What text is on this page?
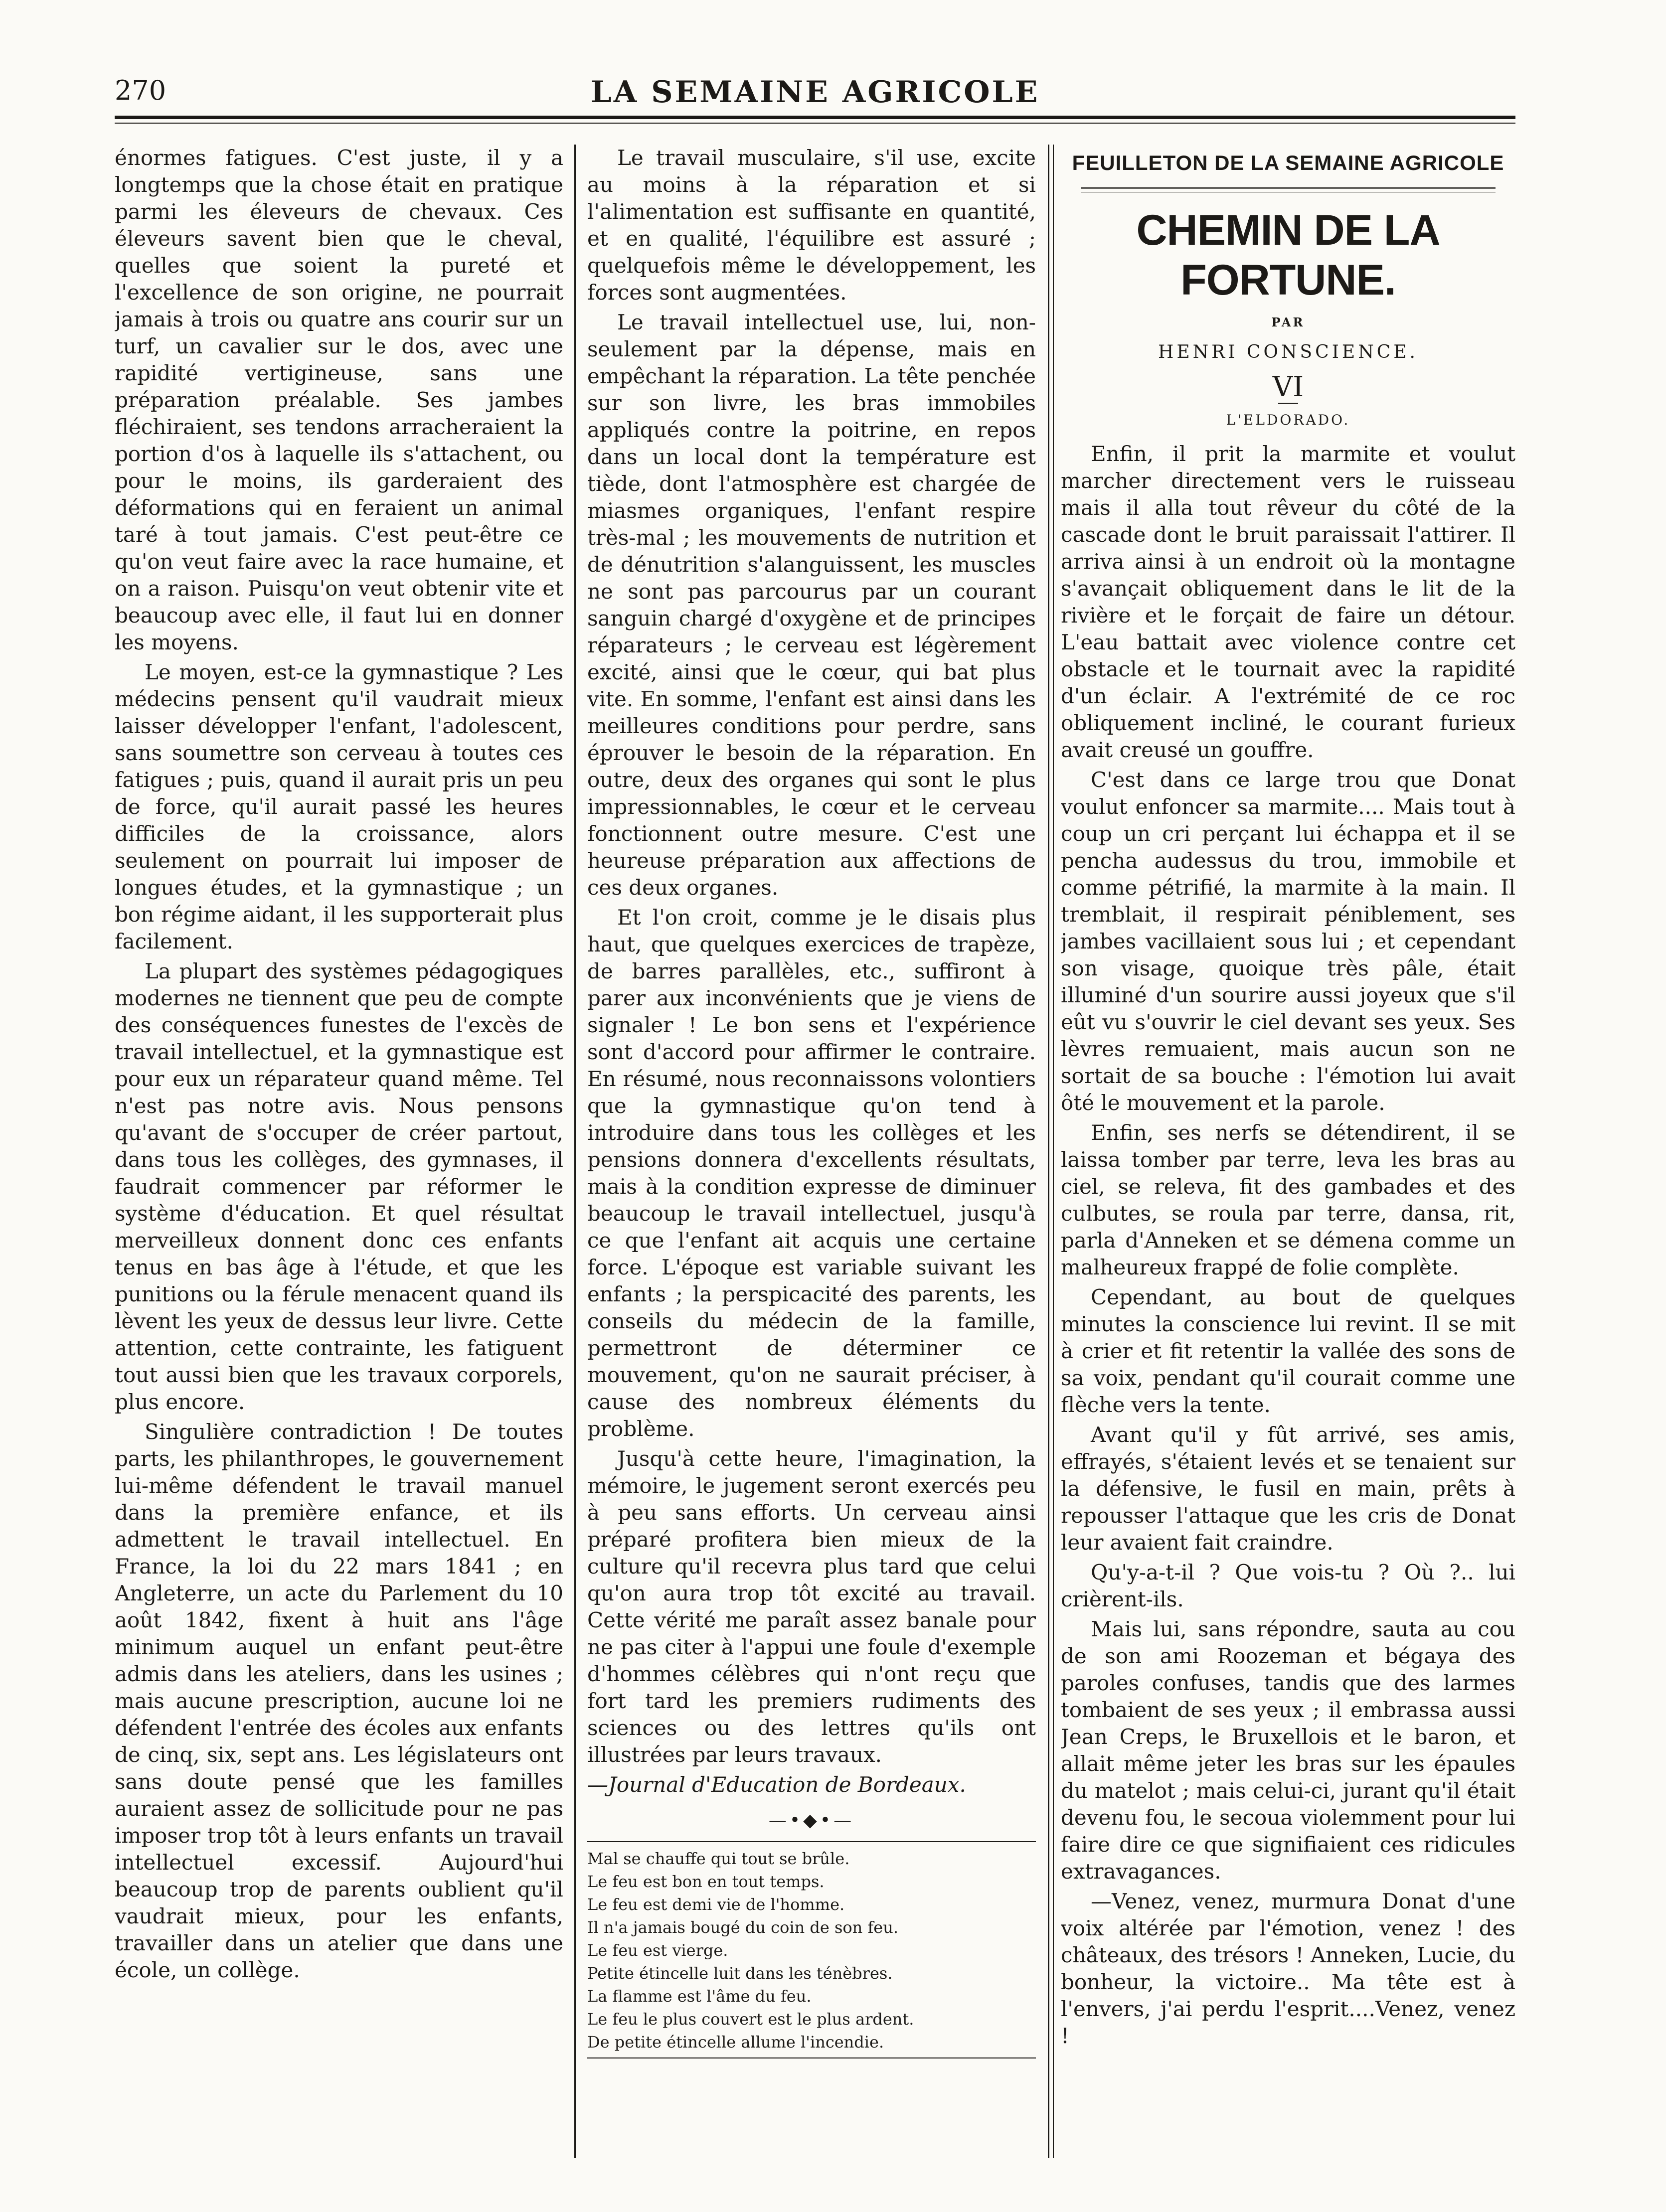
270	LA SEMAINE AGRICOLE

énormes fatigues. C'est juste, il y a longtemps que la chose était en pratique parmi les éleveurs de chevaux. Ces éleveurs savent bien que le cheval, quelles que soient la pureté et l'excellence de son origine, ne pourrait jamais à trois ou quatre ans courir sur un turf, un cavalier sur le dos, avec une rapidité vertigineuse, sans une préparation préalable. Ses jambes fléchiraient, ses tendons arracheraient la portion d'os à laquelle ils s'attachent, ou pour le moins, ils garderaient des déformations qui en feraient un animal taré à tout jamais. C'est peut-être ce qu'on veut faire avec la race humaine, et on a raison. Puisqu'on veut obtenir vite et beaucoup avec elle, il faut lui en donner les moyens.

Le moyen, est-ce la gymnastique ? Les médecins pensent qu'il vaudrait mieux laisser développer l'enfant, l'adolescent, sans soumettre son cerveau à toutes ces fatigues ; puis, quand il aurait pris un peu de force, qu'il aurait passé les heures difficiles de la croissance, alors seulement on pourrait lui imposer de longues études, et la gymnastique ; un bon régime aidant, il les supporterait plus facilement.

La plupart des systèmes pédagogiques modernes ne tiennent que peu de compte des conséquences funestes de l'excès de travail intellectuel, et la gymnastique est pour eux un réparateur quand même. Tel n'est pas notre avis. Nous pensons qu'avant de s'occuper de créer partout, dans tous les collèges, des gymnases, il faudrait commencer par réformer le système d'éducation. Et quel résultat merveilleux donnent donc ces enfants tenus en bas âge à l'étude, et que les punitions ou la férule menacent quand ils lèvent les yeux de dessus leur livre. Cette attention, cette contrainte, les fatiguent tout aussi bien que les travaux corporels, plus encore.

Singulière contradiction ! De toutes parts, les philanthropes, le gouvernement lui-même défendent le travail manuel dans la première enfance, et ils admettent le travail intellectuel. En France, la loi du 22 mars 1841 ; en Angleterre, un acte du Parlement du 10 août 1842, fixent à huit ans l'âge minimum auquel un enfant peut-être admis dans les ateliers, dans les usines ; mais aucune prescription, aucune loi ne défendent l'entrée des écoles aux enfants de cinq, six, sept ans. Les législateurs ont sans doute pensé que les familles auraient assez de sollicitude pour ne pas imposer trop tôt à leurs enfants un travail intellectuel excessif. Aujourd'hui beaucoup trop de parents oublient qu'il vaudrait mieux, pour les enfants, travailler dans un atelier que dans une école, un collège.

Le travail musculaire, s'il use, excite au moins à la réparation et si l'alimentation est suffisante en quantité, et en qualité, l'équilibre est assuré ; quelquefois même le développement, les forces sont augmentées.

Le travail intellectuel use, lui, non-seulement par la dépense, mais en empêchant la réparation. La tête penchée sur son livre, les bras immobiles appliqués contre la poitrine, en repos dans un local dont la température est tiède, dont l'atmosphère est chargée de miasmes organiques, l'enfant respire très-mal ; les mouvements de nutrition et de dénutrition s'alanguissent, les muscles ne sont pas parcourus par un courant sanguin chargé d'oxygène et de principes réparateurs ; le cerveau est légèrement excité, ainsi que le cœur, qui bat plus vite. En somme, l'enfant est ainsi dans les meilleures conditions pour perdre, sans éprouver le besoin de la réparation. En outre, deux des organes qui sont le plus impressionnables, le cœur et le cerveau fonctionnent outre mesure. C'est une heureuse préparation aux affections de ces deux organes.

Et l'on croit, comme je le disais plus haut, que quelques exercices de trapèze, de barres parallèles, etc., suffiront à parer aux inconvénients que je viens de signaler ! Le bon sens et l'expérience sont d'accord pour affirmer le contraire. En résumé, nous reconnaissons volontiers que la gymnastique qu'on tend à introduire dans tous les collèges et les pensions donnera d'excellents résultats, mais à la condition expresse de diminuer beaucoup le travail intellectuel, jusqu'à ce que l'enfant ait acquis une certaine force. L'époque est variable suivant les enfants ; la perspicacité des parents, les conseils du médecin de la famille, permettront de déterminer ce mouvement, qu'on ne saurait préciser, à cause des nombreux éléments du problème.

Jusqu'à cette heure, l'imagination, la mémoire, le jugement seront exercés peu à peu sans efforts. Un cerveau ainsi préparé profitera bien mieux de la culture qu'il recevra plus tard que celui qu'on aura trop tôt excité au travail. Cette vérité me paraît assez banale pour ne pas citer à l'appui une foule d'exemple d'hommes célèbres qui n'ont reçu que fort tard les premiers rudiments des sciences ou des lettres qu'ils ont illustrées par leurs travaux.

—Journal d'Education de Bordeaux.

—•◆•—
Mal se chauffe qui tout se brûle.
Le feu est bon en tout temps.
Le feu est demi vie de l'homme.
Il n'a jamais bougé du coin de son feu.
Le feu est vierge.
Petite étincelle luit dans les ténèbres.
La flamme est l'âme du feu.
Le feu le plus couvert est le plus ardent.
De petite étincelle allume l'incendie.
FEUILLETON DE LA SEMAINE AGRICOLE
CHEMIN DE LA FORTUNE.
PAR
HENRI CONSCIENCE.
VI
L'ELDORADO.

Enfin, il prit la marmite et voulut marcher directement vers le ruisseau mais il alla tout rêveur du côté de la cascade dont le bruit paraissait l'attirer. Il arriva ainsi à un endroit où la montagne s'avançait obliquement dans le lit de la rivière et le forçait de faire un détour. L'eau battait avec violence contre cet obstacle et le tournait avec la rapidité d'un éclair. A l'extrémité de ce roc obliquement incliné, le courant furieux avait creusé un gouffre.

C'est dans ce large trou que Donat voulut enfoncer sa marmite.... Mais tout à coup un cri perçant lui échappa et il se pencha audessus du trou, immobile et comme pétrifié, la marmite à la main. Il tremblait, il respirait péniblement, ses jambes vacillaient sous lui ; et cependant son visage, quoique très pâle, était illuminé d'un sourire aussi joyeux que s'il eût vu s'ouvrir le ciel devant ses yeux. Ses lèvres remuaient, mais aucun son ne sortait de sa bouche : l'émotion lui avait ôté le mouvement et la parole.

Enfin, ses nerfs se détendirent, il se laissa tomber par terre, leva les bras au ciel, se releva, fit des gambades et des culbutes, se roula par terre, dansa, rit, parla d'Anneken et se démena comme un malheureux frappé de folie complète.

Cependant, au bout de quelques minutes la conscience lui revint. Il se mit à crier et fit retentir la vallée des sons de sa voix, pendant qu'il courait comme une flèche vers la tente.

Avant qu'il y fût arrivé, ses amis, effrayés, s'étaient levés et se tenaient sur la défensive, le fusil en main, prêts à repousser l'attaque que les cris de Donat leur avaient fait craindre.

Qu'y-a-t-il ? Que vois-tu ? Où ?.. lui crièrent-ils.

Mais lui, sans répondre, sauta au cou de son ami Roozeman et bégaya des paroles confuses, tandis que des larmes tombaient de ses yeux ; il embrassa aussi Jean Creps, le Bruxellois et le baron, et allait même jeter les bras sur les épaules du matelot ; mais celui-ci, jurant qu'il était devenu fou, le secoua violemment pour lui faire dire ce que signifiaient ces ridicules extravagances.

—Venez, venez, murmura Donat d'une voix altérée par l'émotion, venez ! des châteaux, des trésors ! Anneken, Lucie, du bonheur, la victoire.. Ma tête est à l'envers, j'ai perdu l'esprit....Venez, venez !
